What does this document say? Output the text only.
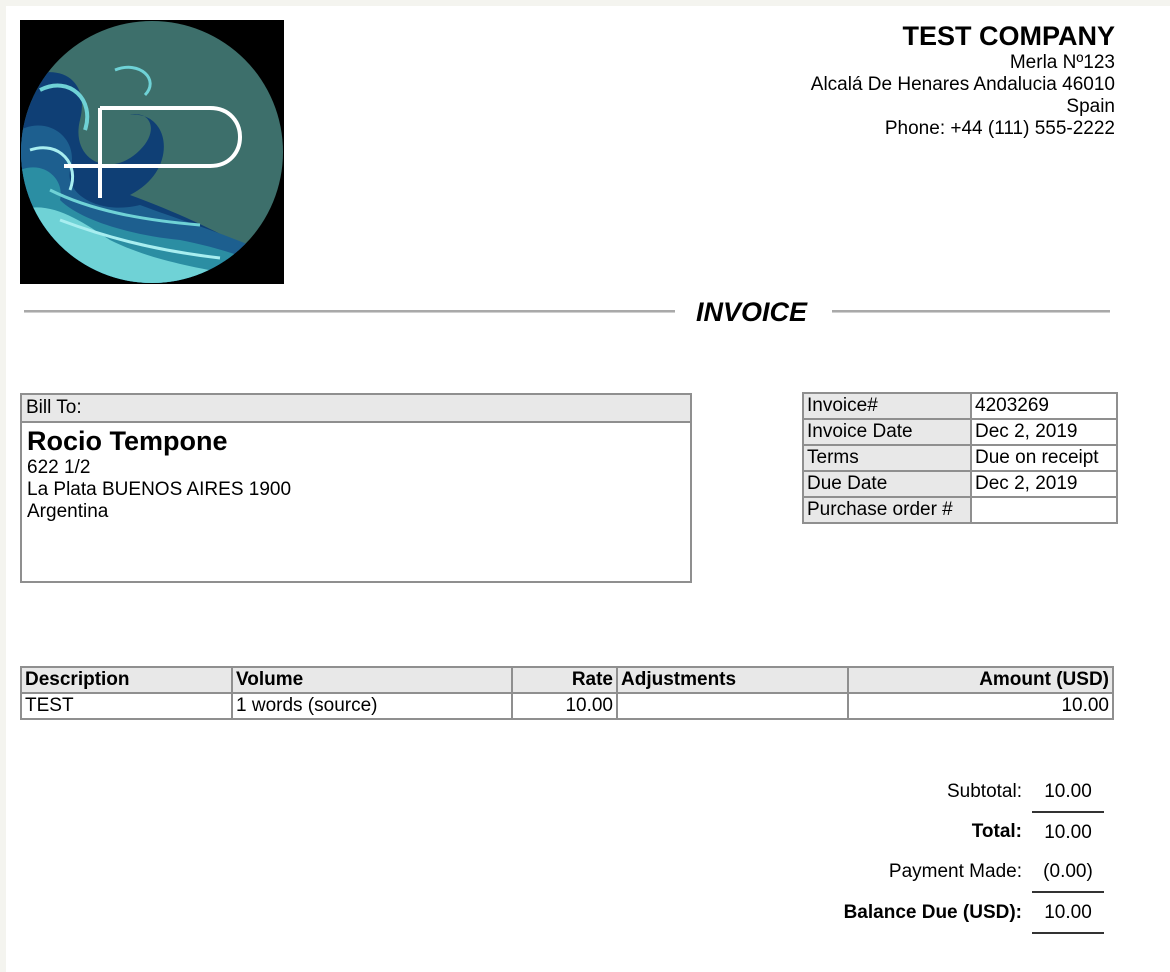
TEST COMPANY
Merla Nº123
Alcalá De Henares Andalucia 46010
Spain
Phone: +44 (111) 555-2222
INVOICE
Bill To:
Rocio Tempone
622 1/2
La Plata BUENOS AIRES 1900
Argentina
Invoice#	4203269
Invoice Date	Dec 2, 2019
Terms	Due on receipt
Due Date	Dec 2, 2019
Purchase order #	
Description	Volume	Rate	Adjustments	Amount (USD)
TEST	1 words (source)	10.00		10.00
Subtotal:	10.00
Total:	10.00
Payment Made:	(0.00)
Balance Due (USD):	10.00
